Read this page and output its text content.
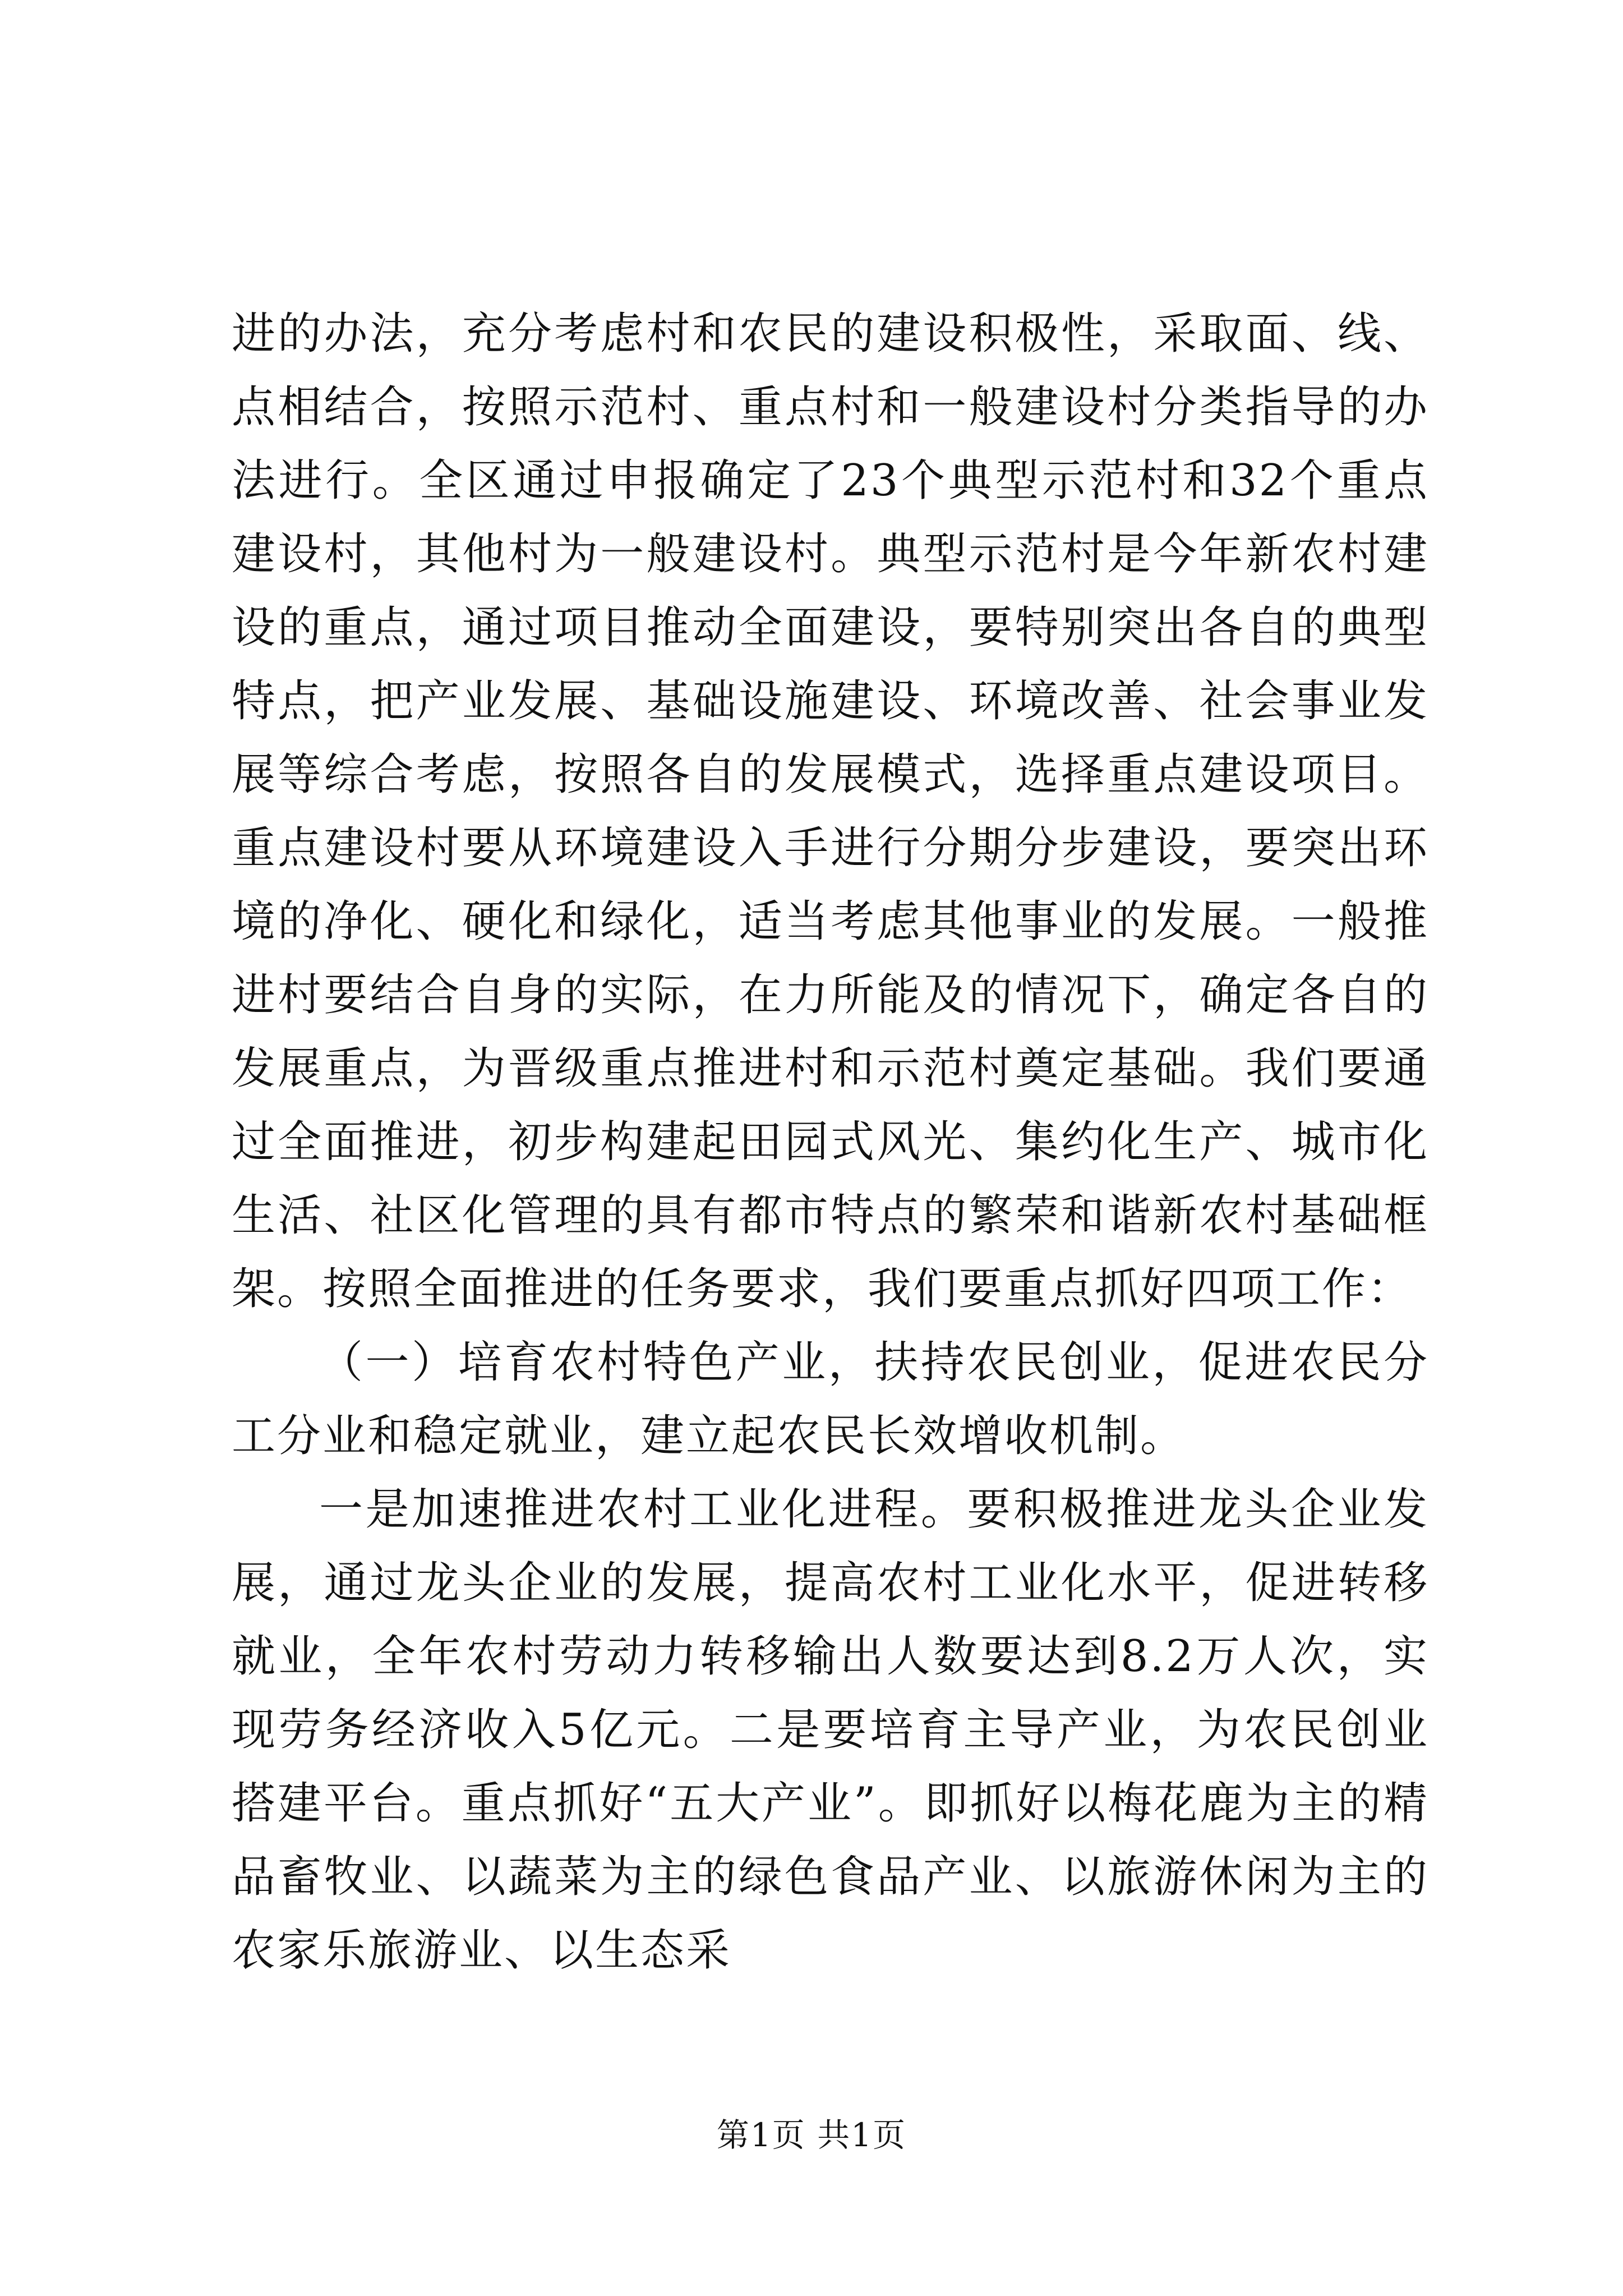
进的办法，充分考虑村和农民的建设积极性，采取面、线、点相结合，按照示范村、重点村和一般建设村分类指导的办法进行。全区通过申报确定了23个典型示范村和32个重点建设村，其他村为一般建设村。典型示范村是今年新农村建设的重点，通过项目推动全面建设，要特别突出各自的典型特点，把产业发展、基础设施建设、环境改善、社会事业发展等综合考虑，按照各自的发展模式，选择重点建设项目。重点建设村要从环境建设入手进行分期分步建设，要突出环境的净化、硬化和绿化，适当考虑其他事业的发展。一般推进村要结合自身的实际，在力所能及的情况下，确定各自的发展重点，为晋级重点推进村和示范村奠定基础。我们要通过全面推进，初步构建起田园式风光、集约化生产、城市化生活、社区化管理的具有都市特点的繁荣和谐新农村基础框架。按照全面推进的任务要求，我们要重点抓好四项工作：

（一）培育农村特色产业，扶持农民创业，促进农民分工分业和稳定就业，建立起农民长效增收机制。

一是加速推进农村工业化进程。要积极推进龙头企业发展，通过龙头企业的发展，提高农村工业化水平，促进转移就业，全年农村劳动力转移输出人数要达到8.2万人次，实现劳务经济收入5亿元。二是要培育主导产业，为农民创业搭建平台。重点抓好“五大产业”。即抓好以梅花鹿为主的精品畜牧业、以蔬菜为主的绿色食品产业、以旅游休闲为主的农家乐旅游业、以生态采

第1页 共1页
